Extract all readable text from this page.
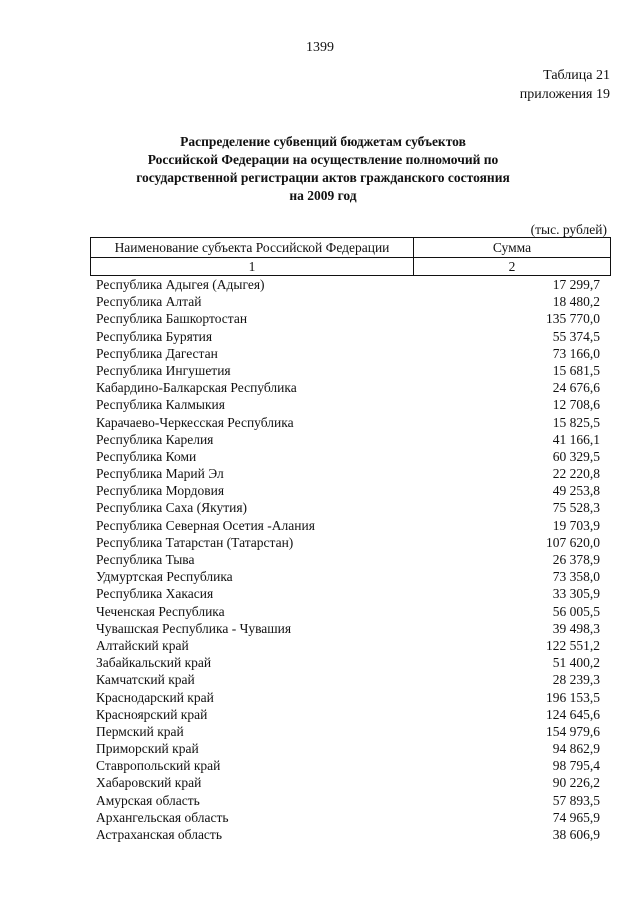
1399
Таблица 21
приложения 19
Распределение субвенций бюджетам субъектов
Российской Федерации на осуществление полномочий по
государственной регистрации актов гражданского состояния
на 2009 год
(тыс. рублей)
Наименование субъекта Российской Федерации	Сумма
1	2
Республика Адыгея (Адыгея)	17 299,7
Республика Алтай	18 480,2
Республика Башкортостан	135 770,0
Республика Бурятия	55 374,5
Республика Дагестан	73 166,0
Республика Ингушетия	15 681,5
Кабардино-Балкарская Республика	24 676,6
Республика Калмыкия	12 708,6
Карачаево-Черкесская Республика	15 825,5
Республика Карелия	41 166,1
Республика Коми	60 329,5
Республика Марий Эл	22 220,8
Республика Мордовия	49 253,8
Республика Саха (Якутия)	75 528,3
Республика Северная Осетия -Алания	19 703,9
Республика Татарстан (Татарстан)	107 620,0
Республика Тыва	26 378,9
Удмуртская Республика	73 358,0
Республика Хакасия	33 305,9
Чеченская Республика	56 005,5
Чувашская Республика - Чувашия	39 498,3
Алтайский край	122 551,2
Забайкальский край	51 400,2
Камчатский край	28 239,3
Краснодарский край	196 153,5
Красноярский край	124 645,6
Пермский край	154 979,6
Приморский край	94 862,9
Ставропольский край	98 795,4
Хабаровский край	90 226,2
Амурская область	57 893,5
Архангельская область	74 965,9
Астраханская область	38 606,9
